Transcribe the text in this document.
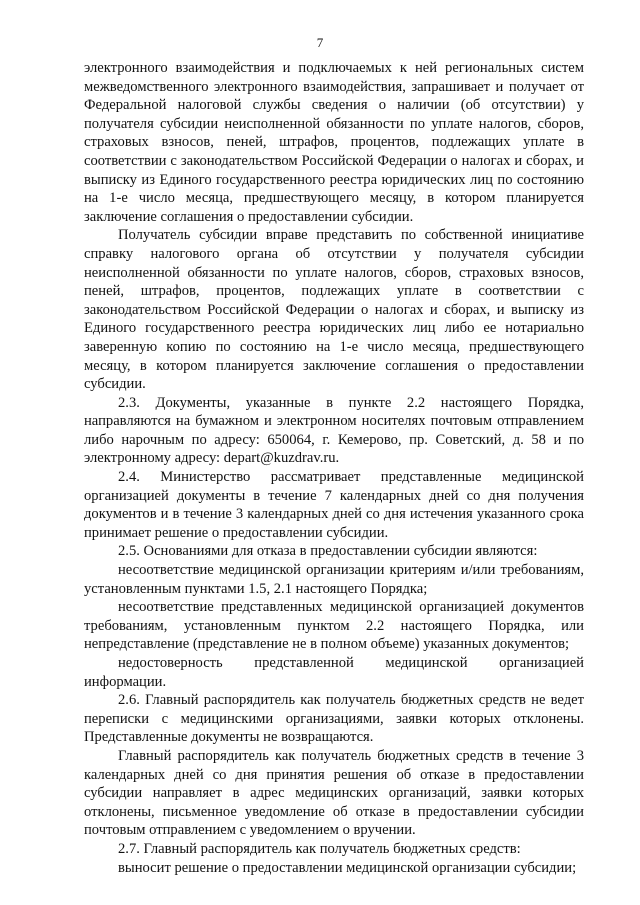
7

электронного взаимодействия и подключаемых к ней региональных систем межведомственного электронного взаимодействия, запрашивает и получает от Федеральной налоговой службы сведения о наличии (об отсутствии) у получателя субсидии неисполненной обязанности по уплате налогов, сборов, страховых взносов, пеней, штрафов, процентов, подлежащих уплате в соответствии с законодательством Российской Федерации о налогах и сборах, и выписку из Единого государственного реестра юридических лиц по состоянию на 1-е число месяца, предшествующего месяцу, в котором планируется заключение соглашения о предоставлении субсидии.

Получатель субсидии вправе представить по собственной инициативе справку налогового органа об отсутствии у получателя субсидии неисполненной обязанности по уплате налогов, сборов, страховых взносов, пеней, штрафов, процентов, подлежащих уплате в соответствии с законодательством Российской Федерации о налогах и сборах, и выписку из Единого государственного реестра юридических лиц либо ее нотариально заверенную копию по состоянию на 1-е число месяца, предшествующего месяцу, в котором планируется заключение соглашения о предоставлении субсидии.

2.3. Документы, указанные в пункте 2.2 настоящего Порядка, направляются на бумажном и электронном носителях почтовым отправлением либо нарочным по адресу: 650064, г. Кемерово, пр. Советский, д. 58 и по электронному адресу: depart@kuzdrav.ru.

2.4. Министерство рассматривает представленные медицинской организацией документы в течение 7 календарных дней со дня получения документов и в течение 3 календарных дней со дня истечения указанного срока принимает решение о предоставлении субсидии.

2.5. Основаниями для отказа в предоставлении субсидии являются:

несоответствие медицинской организации критериям и/или требованиям, установленным пунктами 1.5, 2.1 настоящего Порядка;

несоответствие представленных медицинской организацией документов требованиям, установленным пунктом 2.2 настоящего Порядка, или непредставление (представление не в полном объеме) указанных документов;

недостоверность представленной медицинской организацией информации.

2.6. Главный распорядитель как получатель бюджетных средств не ведет переписки с медицинскими организациями, заявки которых отклонены. Представленные документы не возвращаются.

Главный распорядитель как получатель бюджетных средств в течение 3 календарных дней со дня принятия решения об отказе в предоставлении субсидии направляет в адрес медицинских организаций, заявки которых отклонены, письменное уведомление об отказе в предоставлении субсидии почтовым отправлением с уведомлением о вручении.

2.7. Главный распорядитель как получатель бюджетных средств:

выносит решение о предоставлении медицинской организации субсидии;
